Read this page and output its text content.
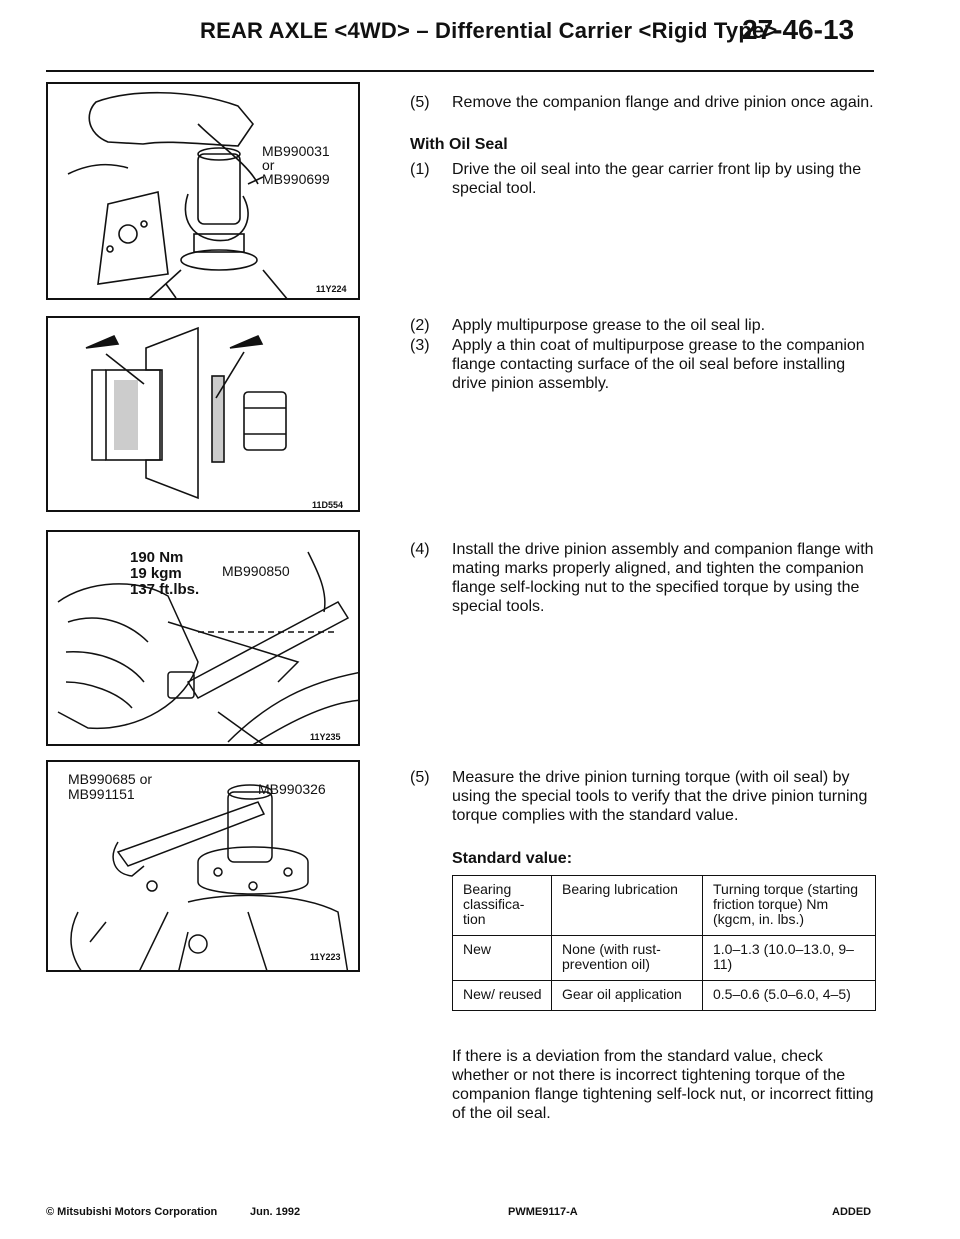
REAR AXLE <4WD> – Differential Carrier <Rigid Type>
27-46-13
MB990031
or
MB990699
11Y224
11D554
190 Nm
19 kgm
137 ft.lbs.
MB990850
11Y235
MB990685 or
MB991151	MB990326
11Y223
(5) Remove the companion flange and drive pinion once again.
With Oil Seal
(1) Drive the oil seal into the gear carrier front lip by using the special tool.
(2) Apply multipurpose grease to the oil seal lip.
(3) Apply a thin coat of multipurpose grease to the companion flange contacting surface of the oil seal before installing drive pinion assembly.
(4) Install the drive pinion assembly and companion flange with mating marks properly aligned, and tighten the companion flange self-locking nut to the specified torque by using the special tools.
(5) Measure the drive pinion turning torque (with oil seal) by using the special tools to verify that the drive pinion turning torque complies with the standard value.
Standard value:
Bearing classifica-tion	Bearing lubrication	Turning torque (starting friction torque) Nm (kgcm, in. lbs.)
New	None (with rust-prevention oil)	1.0–1.3 (10.0–13.0, 9–11)
New/ reused	Gear oil application	0.5–0.6 (5.0–6.0, 4–5)
If there is a deviation from the standard value, check whether or not there is incorrect tightening torque of the companion flange tightening self-lock nut, or incorrect fitting of the oil seal.
© Mitsubishi Motors Corporation	Jun. 1992	PWME9117-A	ADDED
